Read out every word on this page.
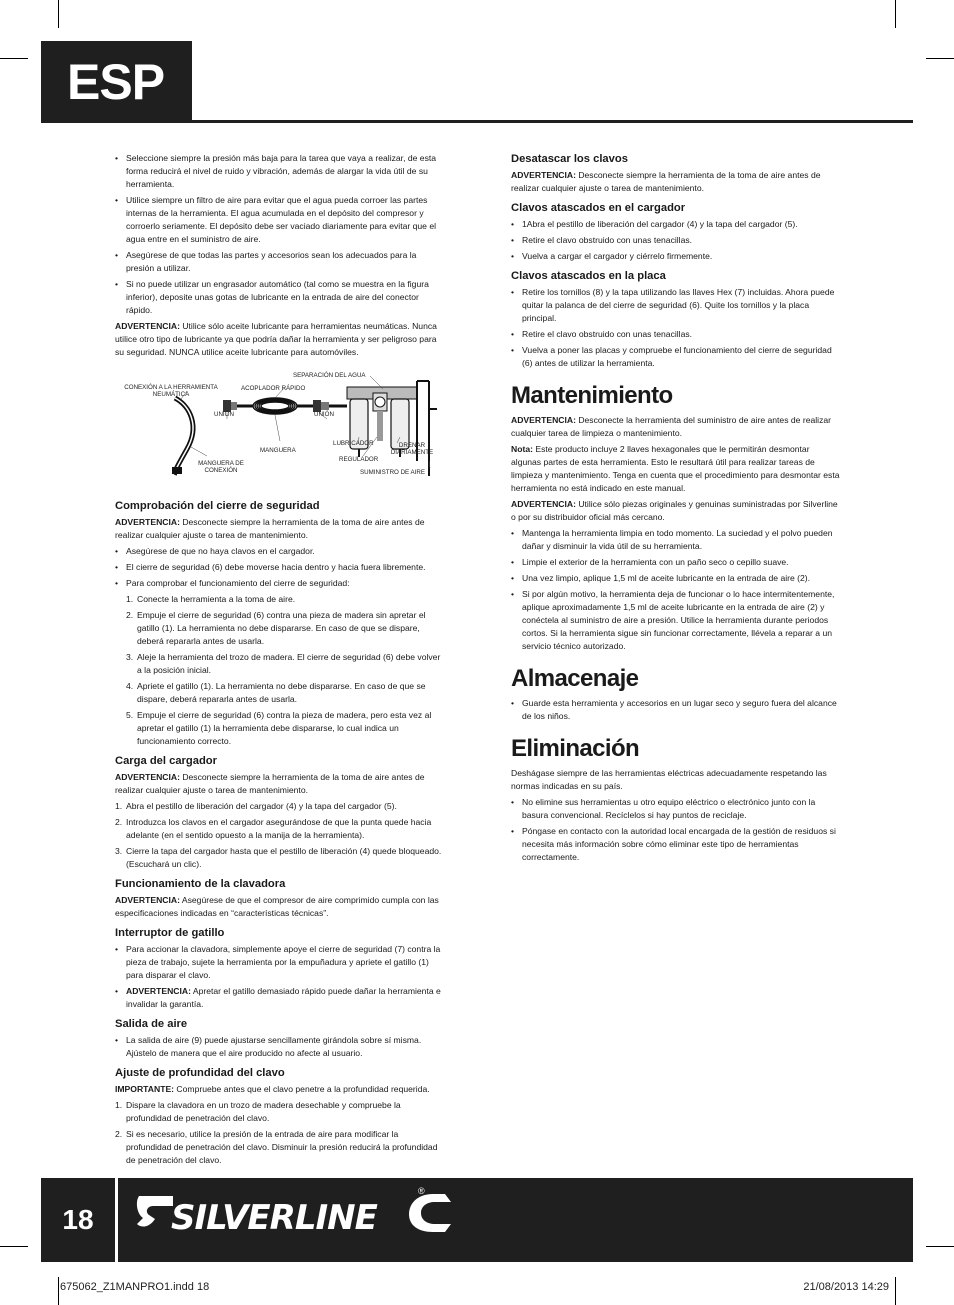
ESP
• Seleccione siempre la presión más baja para la tarea que vaya a realizar, de esta forma reducirá el nivel de ruido y vibración, además de alargar la vida útil de su herramienta.
• Utilice siempre un filtro de aire para evitar que el agua pueda corroer las partes internas de la herramienta. El agua acumulada en el depósito del compresor y corroerlo seriamente. El depósito debe ser vaciado diariamente para evitar que el agua entre en el suministro de aire.
• Asegúrese de que todas las partes y accesorios sean los adecuados para la presión a utilizar.
• Si no puede utilizar un engrasador automático (tal como se muestra en la figura inferior), deposite unas gotas de lubricante en la entrada de aire del conector rápido.

ADVERTENCIA: Utilice sólo aceite lubricante para herramientas neumáticas. Nunca utilice otro tipo de lubricante ya que podría dañar la herramienta y ser peligroso para su seguridad. NUNCA utilice aceite lubricante para automóviles.

CONEXIÓN A LA HERRAMIENTA NEUMÁTICA
ACOPLADOR RÁPIDO
SEPARACIÓN DEL AGUA
UNIÓN	UNIÓN
MANGUERA
MANGUERA DE CONEXIÓN
LUBRICADOR
REGULADOR
DRENAR DIARIAMENTE
SUMINISTRO DE AIRE
Comprobación del cierre de seguridad

ADVERTENCIA: Desconecte siempre la herramienta de la toma de aire antes de realizar cualquier ajuste o tarea de mantenimiento.

• Asegúrese de que no haya clavos en el cargador.
• El cierre de seguridad (6) debe moverse hacia dentro y hacia fuera libremente.
• Para comprobar el funcionamiento del cierre de seguridad:
1. Conecte la herramienta a la toma de aire.
2. Empuje el cierre de seguridad (6) contra una pieza de madera sin apretar el gatillo (1). La herramienta no debe dispararse. En caso de que se dispare, deberá repararla antes de usarla.
3. Aleje la herramienta del trozo de madera. El cierre de seguridad (6) debe volver a la posición inicial.
4. Apriete el gatillo (1). La herramienta no debe dispararse. En caso de que se dispare, deberá repararla antes de usarla.
5. Empuje el cierre de seguridad (6) contra la pieza de madera, pero esta vez al apretar el gatillo (1) la herramienta debe dispararse, lo cual indica un funcionamiento correcto.
Carga del cargador

ADVERTENCIA: Desconecte siempre la herramienta de la toma de aire antes de realizar cualquier ajuste o tarea de mantenimiento.

1. Abra el pestillo de liberación del cargador (4) y la tapa del cargador (5).
2. Introduzca los clavos en el cargador asegurándose de que la punta quede hacia adelante (en el sentido opuesto a la manija de la herramienta).
3. Cierre la tapa del cargador hasta que el pestillo de liberación (4) quede bloqueado. (Escuchará un clic).
Funcionamiento de la clavadora

ADVERTENCIA: Asegúrese de que el compresor de aire comprimido cumpla con las especificaciones indicadas en “características técnicas”.

Interruptor de gatillo
• Para accionar la clavadora, simplemente apoye el cierre de seguridad (7) contra la pieza de trabajo, sujete la herramienta por la empuñadura y apriete el gatillo (1) para disparar el clavo.
• ADVERTENCIA: Apretar el gatillo demasiado rápido puede dañar la herramienta e invalidar la garantía.
Salida de aire
• La salida de aire (9) puede ajustarse sencillamente girándola sobre sí misma. Ajústelo de manera que el aire producido no afecte al usuario.
Ajuste de profundidad del clavo

IMPORTANTE: Compruebe antes que el clavo penetre a la profundidad requerida.

1. Dispare la clavadora en un trozo de madera desechable y compruebe la profundidad de penetración del clavo.
2. Si es necesario, utilice la presión de la entrada de aire para modificar la profundidad de penetración del clavo. Disminuir la presión reducirá la profundidad de penetración del clavo.
Desatascar los clavos

ADVERTENCIA: Desconecte siempre la herramienta de la toma de aire antes de realizar cualquier ajuste o tarea de mantenimiento.

Clavos atascados en el cargador
• 1Abra el pestillo de liberación del cargador (4) y la tapa del cargador (5).
• Retire el clavo obstruido con unas tenacillas.
• Vuelva a cargar el cargador y ciérrelo firmemente.
Clavos atascados en la placa
• Retire los tornillos (8) y la tapa utilizando las llaves Hex (7) incluidas. Ahora puede quitar la palanca de del cierre de seguridad (6). Quite los tornillos y la placa principal.
• Retire el clavo obstruido con unas tenacillas.
• Vuelva a poner las placas y compruebe el funcionamiento del cierre de seguridad (6) antes de utilizar la herramienta.
Mantenimiento

ADVERTENCIA: Desconecte la herramienta del suministro de aire antes de realizar cualquier tarea de limpieza o mantenimiento.

Nota: Este producto incluye 2 llaves hexagonales que le permitirán desmontar algunas partes de esta herramienta. Esto le resultará útil para realizar tareas de limpieza y mantenimiento. Tenga en cuenta que el procedimiento para desmontar esta herramienta no está indicado en este manual.

ADVERTENCIA: Utilice sólo piezas originales y genuinas suministradas por Silverline o por su distribuidor oficial más cercano.

• Mantenga la herramienta limpia en todo momento. La suciedad y el polvo pueden dañar y disminuir la vida útil de su herramienta.
• Limpie el exterior de la herramienta con un paño seco o cepillo suave.
• Una vez limpio, aplique 1,5 ml de aceite lubricante en la entrada de aire (2).
• Si por algún motivo, la herramienta deja de funcionar o lo hace intermitentemente, aplique aproximadamente 1,5 ml de aceite lubricante en la entrada de aire (2) y conéctela al suministro de aire a presión. Utilice la herramienta durante periodos cortos. Si la herramienta sigue sin funcionar correctamente, llévela a reparar a un servicio técnico autorizado.
Almacenaje
• Guarde esta herramienta y accesorios en un lugar seco y seguro fuera del alcance de los niños.
Eliminación

Deshágase siempre de las herramientas eléctricas adecuadamente respetando las normas indicadas en su país.

• No elimine sus herramientas u otro equipo eléctrico o electrónico junto con la basura convencional. Recíclelos si hay puntos de reciclaje.
• Póngase en contacto con la autoridad local encargada de la gestión de residuos si necesita más información sobre cómo eliminar este tipo de herramientas correctamente.
18	SILVERLINE
®
675062_Z1MANPRO1.indd 18	21/08/2013 14:29
